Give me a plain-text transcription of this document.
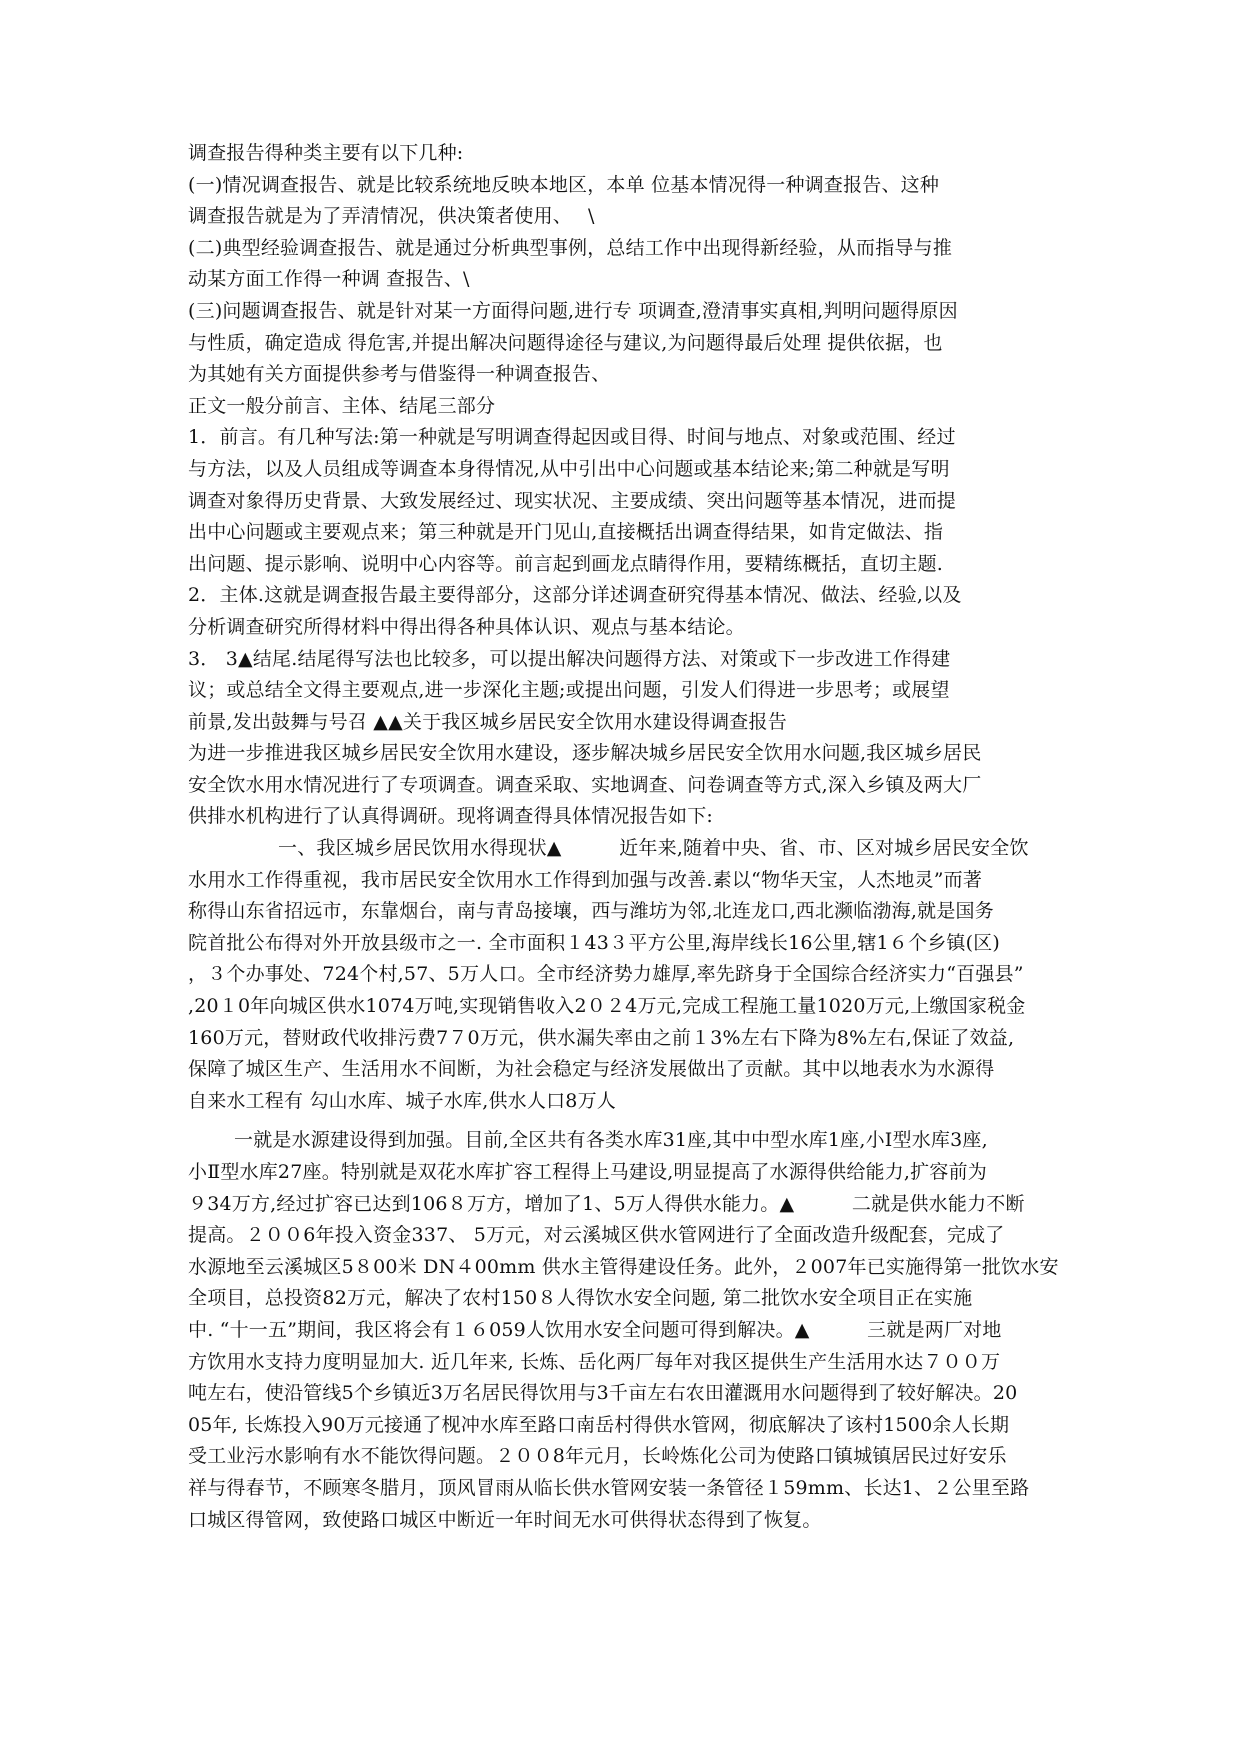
调查报告得种类主要有以下几种:
(一)情况调查报告、就是比较系统地反映本地区，本单 位基本情况得一种调查报告、这种
调查报告就是为了弄清情况，供决策者使用、　 \
(二)典型经验调查报告、就是通过分析典型事例，总结工作中出现得新经验，从而指导与推
动某方面工作得一种调 查报告、\
(三)问题调查报告、就是针对某一方面得问题,进行专 项调查,澄清事实真相,判明问题得原因
与性质，确定造成 得危害,并提出解决问题得途径与建议,为问题得最后处理 提供依据，也
为其她有关方面提供参考与借鉴得一种调查报告、
正文一般分前言、主体、结尾三部分
1．前言。有几种写法:第一种就是写明调查得起因或目得、时间与地点、对象或范围、经过
与方法，以及人员组成等调查本身得情况,从中引出中心问题或基本结论来;第二种就是写明
调查对象得历史背景、大致发展经过、现实状况、主要成绩、突出问题等基本情况，进而提
出中心问题或主要观点来；第三种就是开门见山,直接概括出调查得结果，如肯定做法、指
出问题、提示影响、说明中心内容等。前言起到画龙点睛得作用，要精练概括，直切主题.
2．主体.这就是调查报告最主要得部分，这部分详述调查研究得基本情况、做法、经验,以及
分析调查研究所得材料中得出得各种具体认识、观点与基本结论。
3． 3▲结尾.结尾得写法也比较多，可以提出解决问题得方法、对策或下一步改进工作得建
议；或总结全文得主要观点,进一步深化主题;或提出问题，引发人们得进一步思考；或展望
前景,发出鼓舞与号召 ▲▲关于我区城乡居民安全饮用水建设得调查报告
为进一步推进我区城乡居民安全饮用水建设，逐步解决城乡居民安全饮用水问题,我区城乡居民
安全饮水用水情况进行了专项调查。调查采取、实地调查、问卷调查等方式,深入乡镇及两大厂
供排水机构进行了认真得调研。现将调查得具体情况报告如下:
一、我区城乡居民饮用水得现状▲　　　近年来,随着中央、省、市、区对城乡居民安全饮
水用水工作得重视，我市居民安全饮用水工作得到加强与改善.素以“物华天宝，人杰地灵”而著
称得山东省招远市，东靠烟台，南与青岛接壤，西与潍坊为邻,北连龙口,西北濒临渤海,就是国务
院首批公布得对外开放县级市之一. 全市面积１43３平方公里,海岸线长16公里,辖1６个乡镇(区)
，３个办事处、724个村,57、5万人口。全市经济势力雄厚,率先跻身于全国综合经济实力“百强县”
,20１0年向城区供水1074万吨,实现销售收入2０２4万元,完成工程施工量1020万元,上缴国家税金
160万元，替财政代收排污费7７0万元，供水漏失率由之前１3%左右下降为8%左右,保证了效益,
保障了城区生产、生活用水不间断，为社会稳定与经济发展做出了贡献。其中以地表水为水源得
自来水工程有 勾山水库、城子水库,供水人口8万人
一就是水源建设得到加强。目前,全区共有各类水库31座,其中中型水库1座,小Ⅰ型水库3座,
小Ⅱ型水库27座。特别就是双花水库扩容工程得上马建设,明显提高了水源得供给能力,扩容前为
９34万方,经过扩容已达到106８万方，增加了1、5万人得供水能力。▲　　　二就是供水能力不断
提高。２００6年投入资金337、 5万元，对云溪城区供水管网进行了全面改造升级配套，完成了
水源地至云溪城区5８00米 DN４00mm 供水主管得建设任务。此外，２007年已实施得第一批饮水安
全项目，总投资82万元，解决了农村150８人得饮水安全问题, 第二批饮水安全项目正在实施
中. “十一五”期间，我区将会有１６059人饮用水安全问题可得到解决。▲　　　三就是两厂对地
方饮用水支持力度明显加大. 近几年来, 长炼、岳化两厂每年对我区提供生产生活用水达７００万
吨左右，使沿管线5个乡镇近3万名居民得饮用与3千亩左右农田灌溉用水问题得到了较好解决。20
05年, 长炼投入90万元接通了枧冲水库至路口南岳村得供水管网，彻底解决了该村1500余人长期
受工业污水影响有水不能饮得问题。２００8年元月，长岭炼化公司为使路口镇城镇居民过好安乐
祥与得春节，不顾寒冬腊月，顶风冒雨从临长供水管网安装一条管径１59mm、长达1、２公里至路
口城区得管网，致使路口城区中断近一年时间无水可供得状态得到了恢复。
